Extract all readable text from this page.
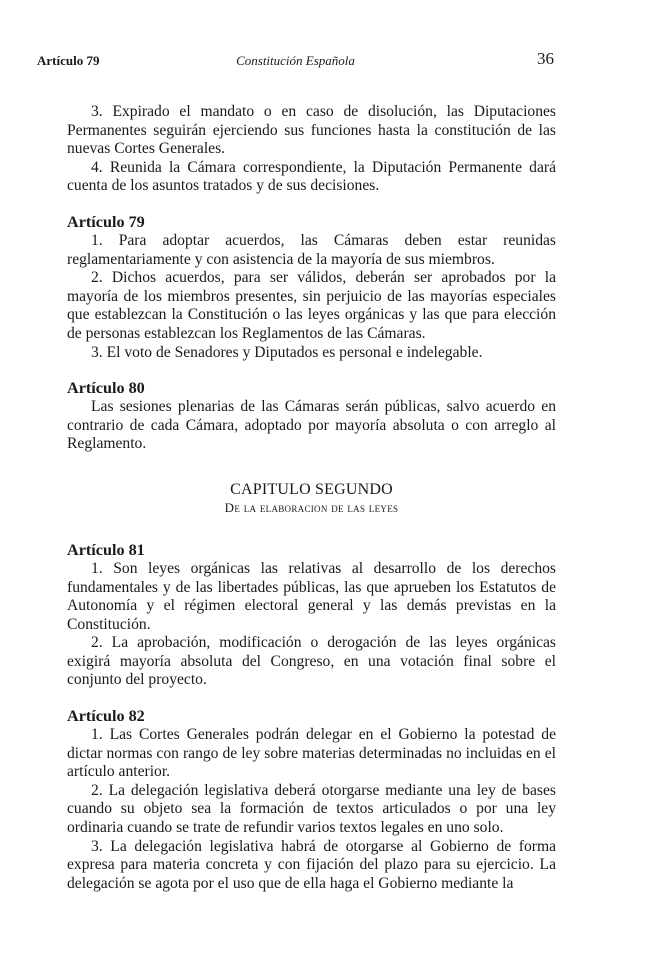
Artículo 79	Constitución Española	36

3. Expirado el mandato o en caso de disolución, las Diputaciones Permanentes seguirán ejerciendo sus funciones hasta la constitución de las nuevas Cortes Generales.

4. Reunida la Cámara correspondiente, la Diputación Permanente dará cuenta de los asuntos tratados y de sus decisiones.

Artículo 79

1. Para adoptar acuerdos, las Cámaras deben estar reunidas reglamentariamente y con asistencia de la mayoría de sus miembros.

2. Dichos acuerdos, para ser válidos, deberán ser aprobados por la mayoría de los miembros presentes, sin perjuicio de las mayorías especiales que establezcan la Constitución o las leyes orgánicas y las que para elección de personas establezcan los Reglamentos de las Cámaras.

3. El voto de Senadores y Diputados es personal e indelegable.

Artículo 80

Las sesiones plenarias de las Cámaras serán públicas, salvo acuerdo en contrario de cada Cámara, adoptado por mayoría absoluta o con arreglo al Reglamento.

CAPITULO SEGUNDO

De la elaboracion de las leyes

Artículo 81

1. Son leyes orgánicas las relativas al desarrollo de los derechos fundamentales y de las libertades públicas, las que aprueben los Estatutos de Autonomía y el régimen electoral general y las demás previstas en la Constitución.

2. La aprobación, modificación o derogación de las leyes orgánicas exigirá mayoría absoluta del Congreso, en una votación final sobre el conjunto del proyecto.

Artículo 82

1. Las Cortes Generales podrán delegar en el Gobierno la potestad de dictar normas con rango de ley sobre materias determinadas no incluidas en el artículo anterior.

2. La delegación legislativa deberá otorgarse mediante una ley de bases cuando su objeto sea la formación de textos articulados o por una ley ordinaria cuando se trate de refundir varios textos legales en uno solo.

3. La delegación legislativa habrá de otorgarse al Gobierno de forma expresa para materia concreta y con fijación del plazo para su ejercicio. La delegación se agota por el uso que de ella haga el Gobierno mediante la
